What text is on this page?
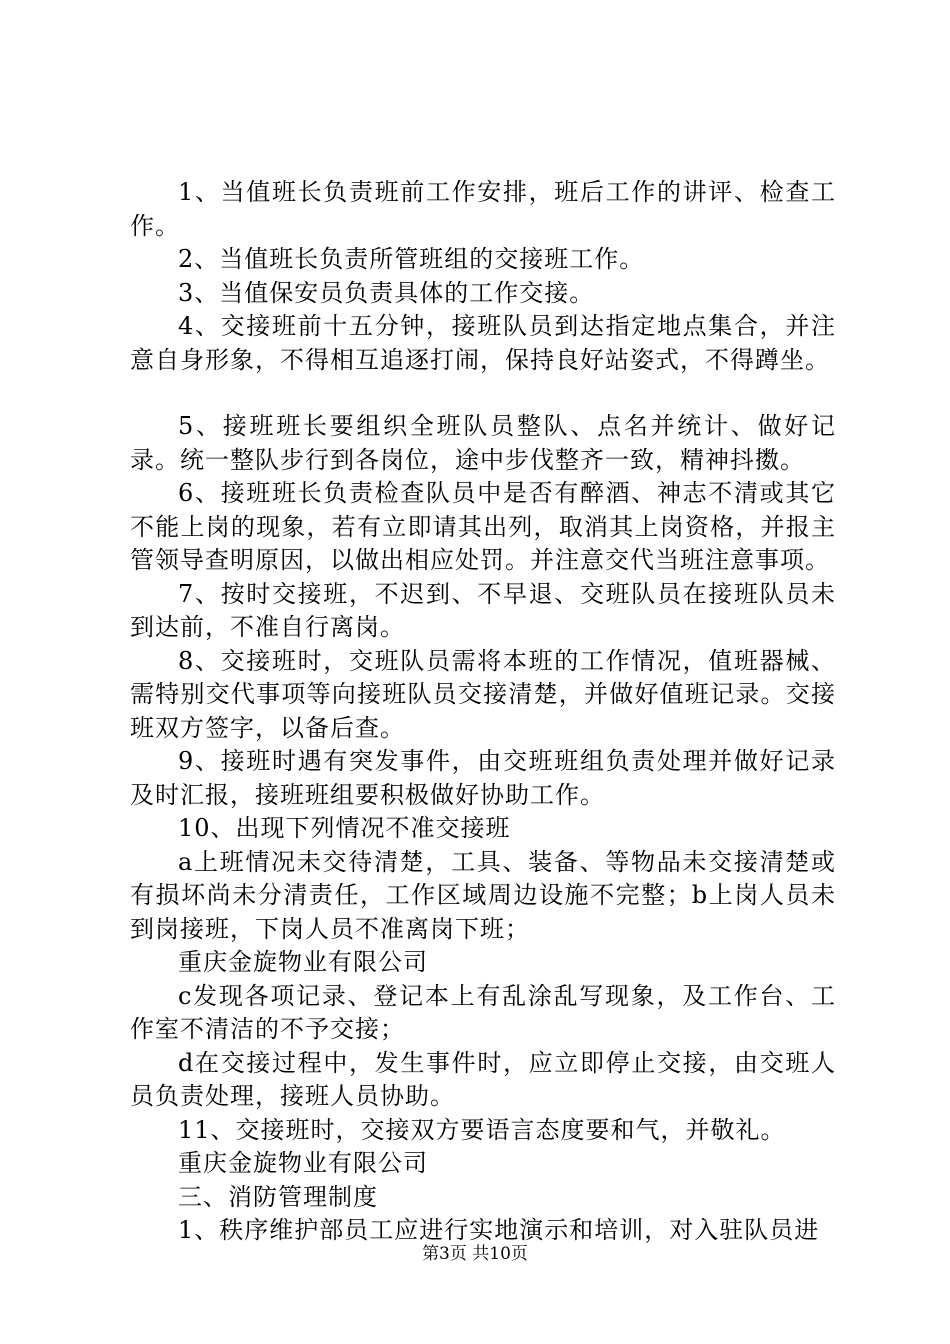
1、当值班长负责班前工作安排，班后工作的讲评、检查工作。

2、当值班长负责所管班组的交接班工作。

3、当值保安员负责具体的工作交接。

4、交接班前十五分钟，接班队员到达指定地点集合，并注意自身形象，不得相互追逐打闹，保持良好站姿式，不得蹲坐。

5、接班班长要组织全班队员整队、点名并统计、做好记录。统一整队步行到各岗位，途中步伐整齐一致，精神抖擞。

6、接班班长负责检查队员中是否有醉酒、神志不清或其它不能上岗的现象，若有立即请其出列，取消其上岗资格，并报主管领导查明原因，以做出相应处罚。并注意交代当班注意事项。

7、按时交接班，不迟到、不早退、交班队员在接班队员未到达前，不准自行离岗。

8、交接班时，交班队员需将本班的工作情况，值班器械、需特别交代事项等向接班队员交接清楚，并做好值班记录。交接班双方签字，以备后查。

9、接班时遇有突发事件，由交班班组负责处理并做好记录及时汇报，接班班组要积极做好协助工作。

10、出现下列情况不准交接班

a上班情况未交待清楚，工具、装备、等物品未交接清楚或有损坏尚未分清责任，工作区域周边设施不完整；b上岗人员未到岗接班，下岗人员不准离岗下班；

重庆金旋物业有限公司

c发现各项记录、登记本上有乱涂乱写现象，及工作台、工作室不清洁的不予交接；

d在交接过程中，发生事件时，应立即停止交接，由交班人员负责处理，接班人员协助。

11、交接班时，交接双方要语言态度要和气，并敬礼。

重庆金旋物业有限公司

三、消防管理制度

1、秩序维护部员工应进行实地演示和培训，对入驻队员进

第3页 共10页
